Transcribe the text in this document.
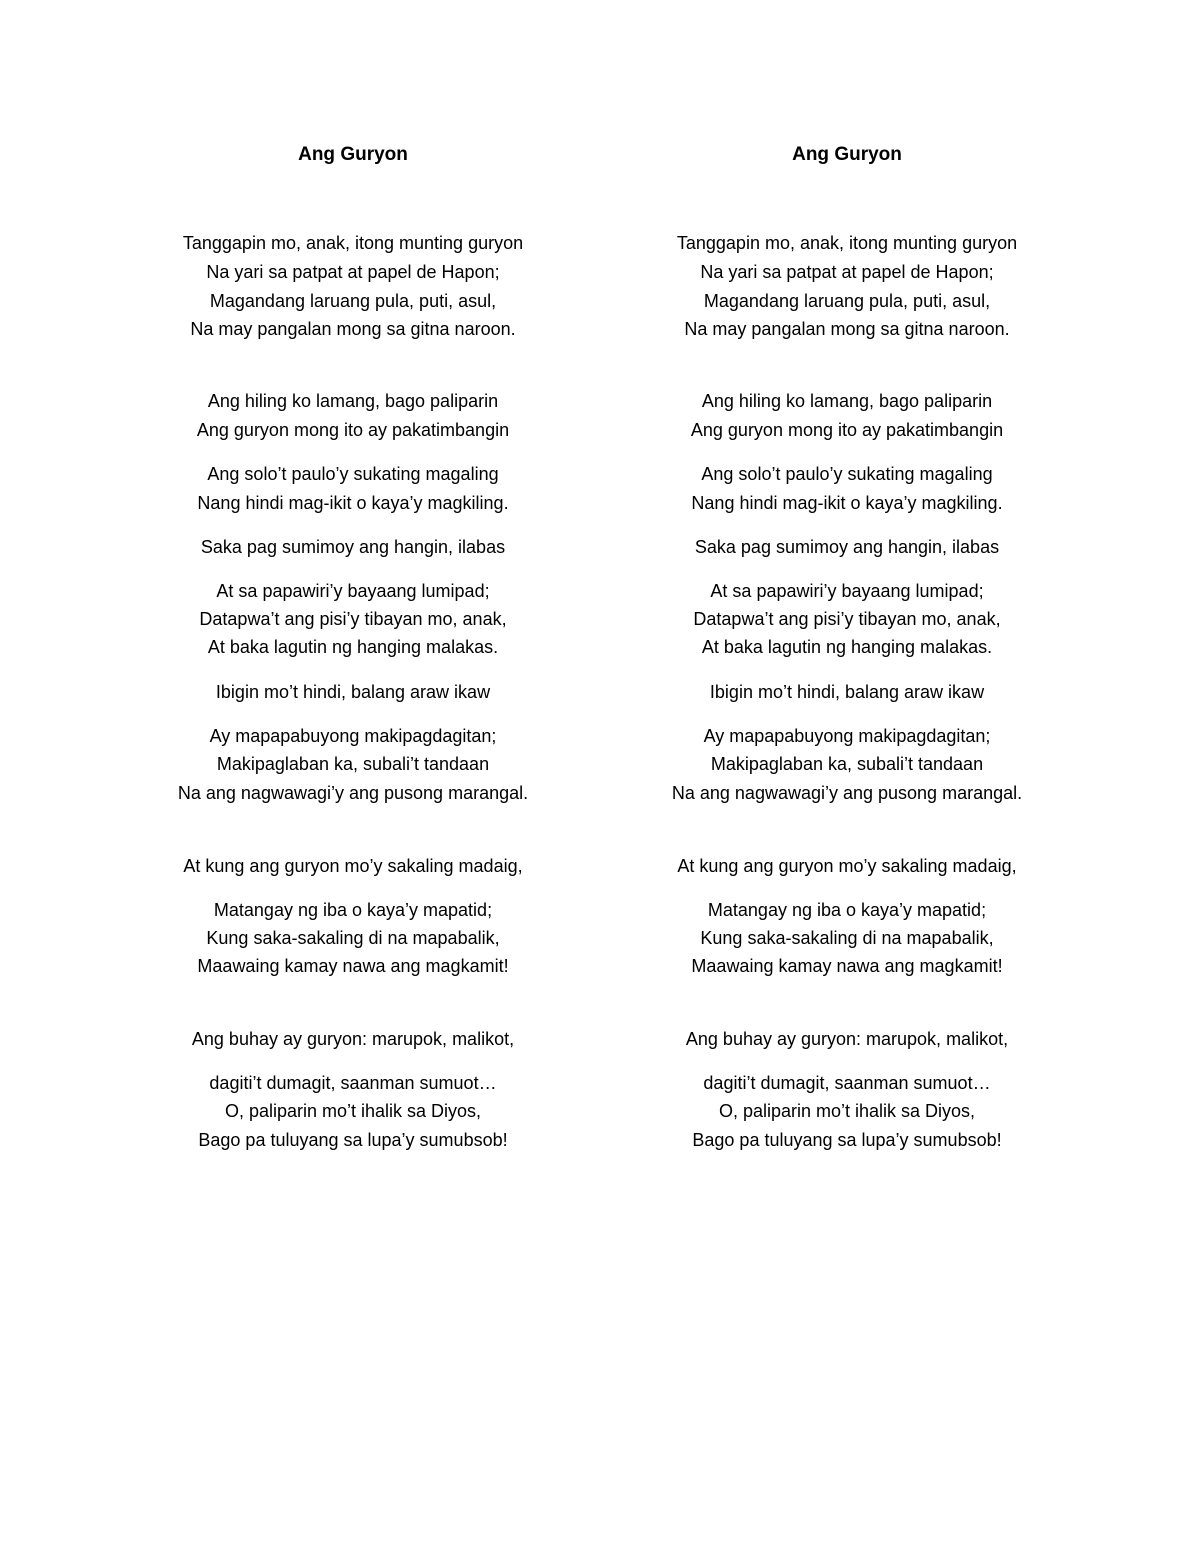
Ang Guryon
Tanggapin mo, anak, itong munting guryon
Na yari sa patpat at papel de Hapon;
Magandang laruang pula, puti, asul,
Na may pangalan mong sa gitna naroon.
Ang hiling ko lamang, bago paliparin
Ang guryon mong ito ay pakatimbangin
Ang solo’t paulo’y sukating magaling
Nang hindi mag-ikit o kaya’y magkiling.
Saka pag sumimoy ang hangin, ilabas
At sa papawiri’y bayaang lumipad;
Datapwa’t ang pisi’y tibayan mo, anak,
At baka lagutin ng hanging malakas.
Ibigin mo’t hindi, balang araw ikaw
Ay mapapabuyong makipagdagitan;
Makipaglaban ka, subali’t tandaan
Na ang nagwawagi’y ang pusong marangal.
At kung ang guryon mo’y sakaling madaig,
Matangay ng iba o kaya’y mapatid;
Kung saka-sakaling di na mapabalik,
Maawaing kamay nawa ang magkamit!
Ang buhay ay guryon: marupok, malikot,
dagiti’t dumagit, saanman sumuot…
O, paliparin mo’t ihalik sa Diyos,
Bago pa tuluyang sa lupa’y sumubsob!
Ang Guryon
Tanggapin mo, anak, itong munting guryon
Na yari sa patpat at papel de Hapon;
Magandang laruang pula, puti, asul,
Na may pangalan mong sa gitna naroon.
Ang hiling ko lamang, bago paliparin
Ang guryon mong ito ay pakatimbangin
Ang solo’t paulo’y sukating magaling
Nang hindi mag-ikit o kaya’y magkiling.
Saka pag sumimoy ang hangin, ilabas
At sa papawiri’y bayaang lumipad;
Datapwa’t ang pisi’y tibayan mo, anak,
At baka lagutin ng hanging malakas.
Ibigin mo’t hindi, balang araw ikaw
Ay mapapabuyong makipagdagitan;
Makipaglaban ka, subali’t tandaan
Na ang nagwawagi’y ang pusong marangal.
At kung ang guryon mo’y sakaling madaig,
Matangay ng iba o kaya’y mapatid;
Kung saka-sakaling di na mapabalik,
Maawaing kamay nawa ang magkamit!
Ang buhay ay guryon: marupok, malikot,
dagiti’t dumagit, saanman sumuot…
O, paliparin mo’t ihalik sa Diyos,
Bago pa tuluyang sa lupa’y sumubsob!
